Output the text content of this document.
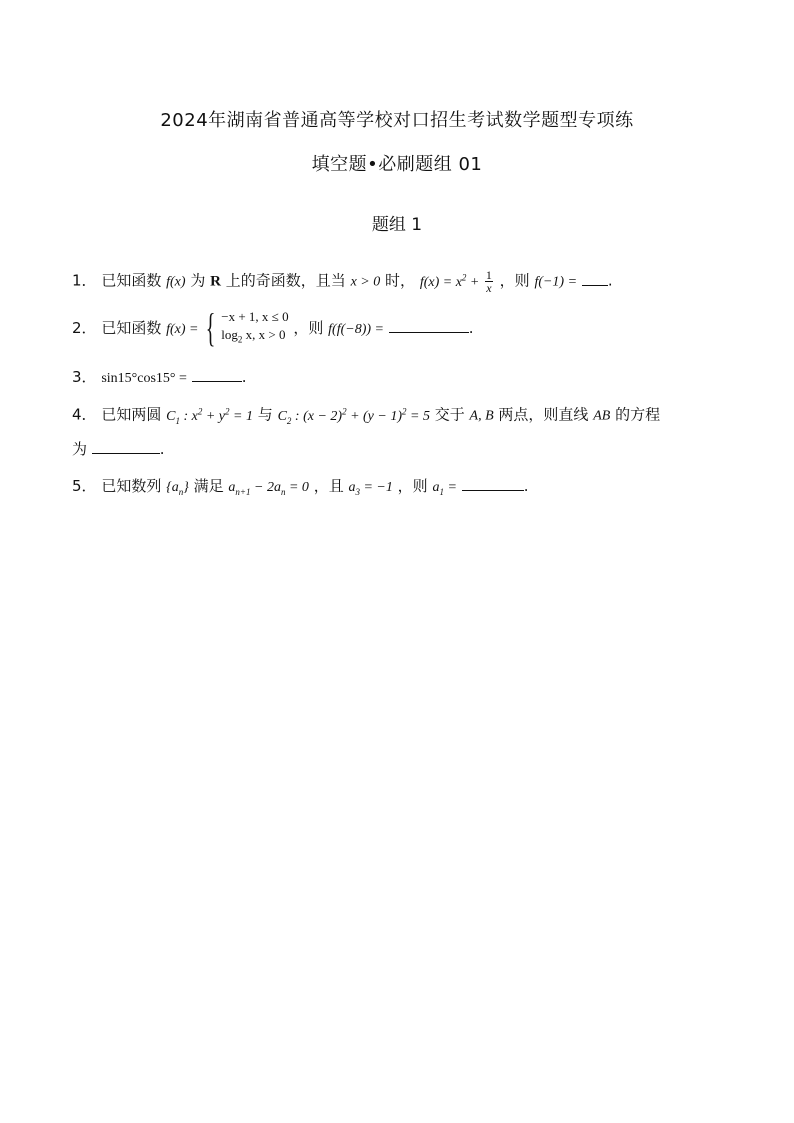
2024年湖南省普通高等学校对口招生考试数学题型专项练
填空题•必刷题组 01
题组 1
1． 已知函数 f(x) 为 R 上的奇函数，且当 x > 0 时， $f(x) = x^2 + \frac{1}{x}$ ，则 f(−1) = .
2． 已知函数 f(x) = { −x + 1, x ≤ 0
$\log_2 x$, x > 0 ，则 f(f(−8)) =	.
3． sin15°cos15° =	.
4． 已知两圆 $C_1$ : $x^2 + y^2 = 1$ 与 $C_2$ : $(x - 2)^2 + (y - 1)^2 = 5$ 交于 A, B 两点，则直线 AB 的方程
为	.
5． 已知数列 $\{a_n\}$ 满足 $a_{n+1} - 2a_n = 0$ ，且 $a_3 = -1$ ，则 $a_1$ =	.
